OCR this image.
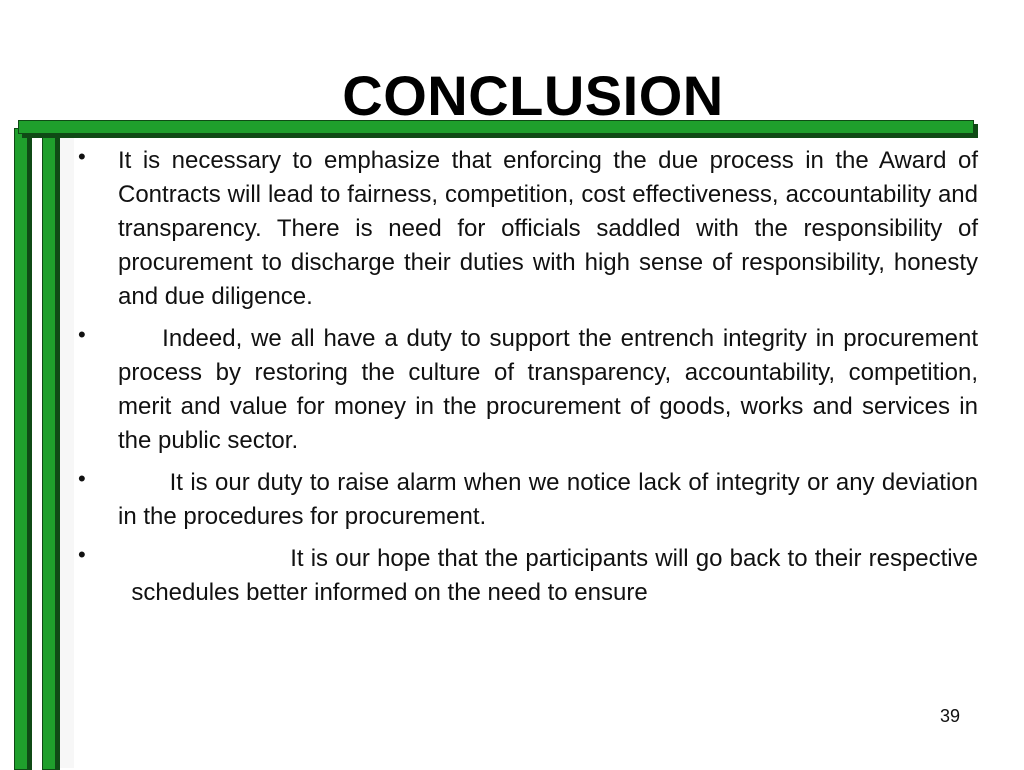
CONCLUSION
•	It is necessary to emphasize that enforcing the due process in the Award of Contracts will lead to fairness, competition, cost effectiveness, accountability and transparency. There is need for officials saddled with the responsibility of procurement to discharge their duties with high sense of responsibility, honesty and due diligence.
•	Indeed, we all have a duty to support the entrench integrity in procurement process by restoring the culture of transparency, accountability, competition, merit and value for money in the procurement of goods, works and services in the public sector.
•	It is our duty to raise alarm when we notice lack of integrity or any deviation in the procedures for procurement.
•	It is our hope that the participants will go back to their respective   schedules better informed on the need to ensure
39
